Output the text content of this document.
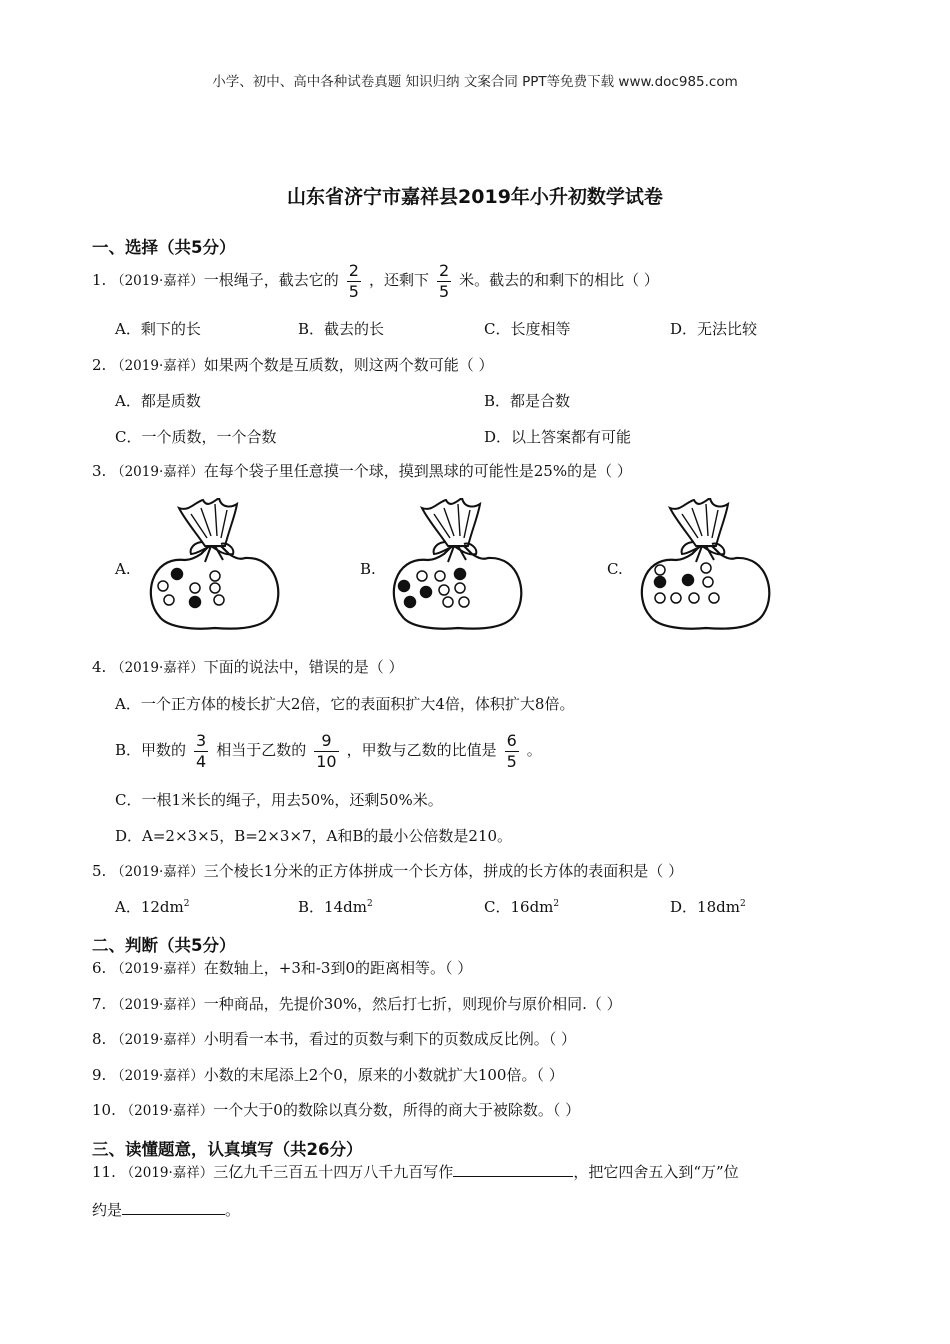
小学、初中、高中各种试卷真题 知识归纳 文案合同 PPT等免费下载 www.doc985.com
山东省济宁市嘉祥县2019年小升初数学试卷
一、选择（共5分）
1. （2019·嘉祥）一根绳子，截去它的 $\frac{2}{5}$ ，还剩下 $\frac{2}{5}$ 米。截去的和剩下的相比（ ）
A．剩下的长	B．截去的长	C．长度相等	D．无法比较
2. （2019·嘉祥）如果两个数是互质数，则这两个数可能（ ）
A．都是质数	B．都是合数
C．一个质数，一个合数	D．以上答案都有可能
3. （2019·嘉祥）在每个袋子里任意摸一个球，摸到黑球的可能性是25%的是（ ）
A.	B.	C.
4. （2019·嘉祥）下面的说法中，错误的是（ ）
A．一个正方体的棱长扩大2倍，它的表面积扩大4倍，体积扩大8倍。
B．甲数的 $\frac{3}{4}$ 相当于乙数的 $\frac{9}{10}$ ，甲数与乙数的比值是 $\frac{6}{5}$ 。
C．一根1米长的绳子，用去50%，还剩50%米。
D．A=2×3×5，B=2×3×7，A和B的最小公倍数是210。
5. （2019·嘉祥）三个棱长1分米的正方体拼成一个长方体，拼成的长方体的表面积是（ ）
A．$12dm^2$	B．$14dm^2$	C．$16dm^2$	D．$18dm^2$
二、判断（共5分）
6. （2019·嘉祥）在数轴上，+3和-3到0的距离相等。（ ）
7. （2019·嘉祥）一种商品，先提价30%，然后打七折，则现价与原价相同.（ ）
8. （2019·嘉祥）小明看一本书，看过的页数与剩下的页数成反比例。（ ）
9. （2019·嘉祥）小数的末尾添上2个0，原来的小数就扩大100倍。（ ）
10. （2019·嘉祥）一个大于0的数除以真分数，所得的商大于被除数。（ ）
三、读懂题意，认真填写（共26分）
11. （2019·嘉祥）三亿九千三百五十四万八千九百写作	，把它四舍五入到“万”位
约是	。
